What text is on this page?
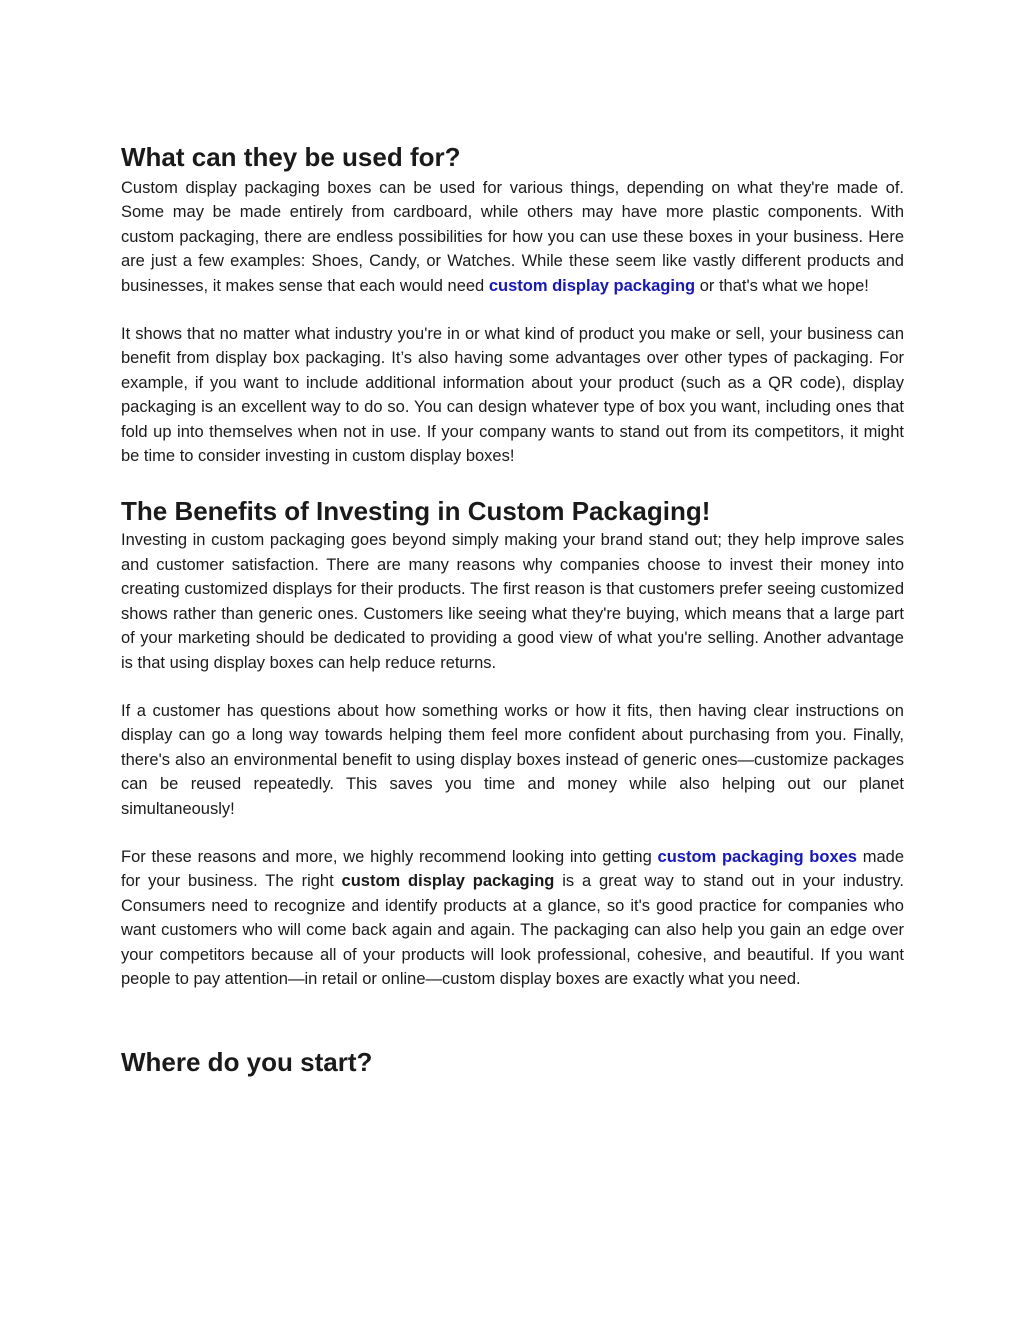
What can they be used for?

Custom display packaging boxes can be used for various things, depending on what they're made of. Some may be made entirely from cardboard, while others may have more plastic components. With custom packaging, there are endless possibilities for how you can use these boxes in your business. Here are just a few examples: Shoes, Candy, or Watches. While these seem like vastly different products and businesses, it makes sense that each would need custom display packaging or that's what we hope!

It shows that no matter what industry you're in or what kind of product you make or sell, your business can benefit from display box packaging. It’s also having some advantages over other types of packaging. For example, if you want to include additional information about your product (such as a QR code), display packaging is an excellent way to do so. You can design whatever type of box you want, including ones that fold up into themselves when not in use. If your company wants to stand out from its competitors, it might be time to consider investing in custom display boxes!

The Benefits of Investing in Custom Packaging!

Investing in custom packaging goes beyond simply making your brand stand out; they help improve sales and customer satisfaction. There are many reasons why companies choose to invest their money into creating customized displays for their products. The first reason is that customers prefer seeing customized shows rather than generic ones. Customers like seeing what they're buying, which means that a large part of your marketing should be dedicated to providing a good view of what you're selling. Another advantage is that using display boxes can help reduce returns.

If a customer has questions about how something works or how it fits, then having clear instructions on display can go a long way towards helping them feel more confident about purchasing from you. Finally, there's also an environmental benefit to using display boxes instead of generic ones—customize packages can be reused repeatedly. This saves you time and money while also helping out our planet simultaneously!

For these reasons and more, we highly recommend looking into getting custom packaging boxes made for your business. The right custom display packaging is a great way to stand out in your industry. Consumers need to recognize and identify products at a glance, so it's good practice for companies who want customers who will come back again and again. The packaging can also help you gain an edge over your competitors because all of your products will look professional, cohesive, and beautiful. If you want people to pay attention—in retail or online—custom display boxes are exactly what you need.

Where do you start?
